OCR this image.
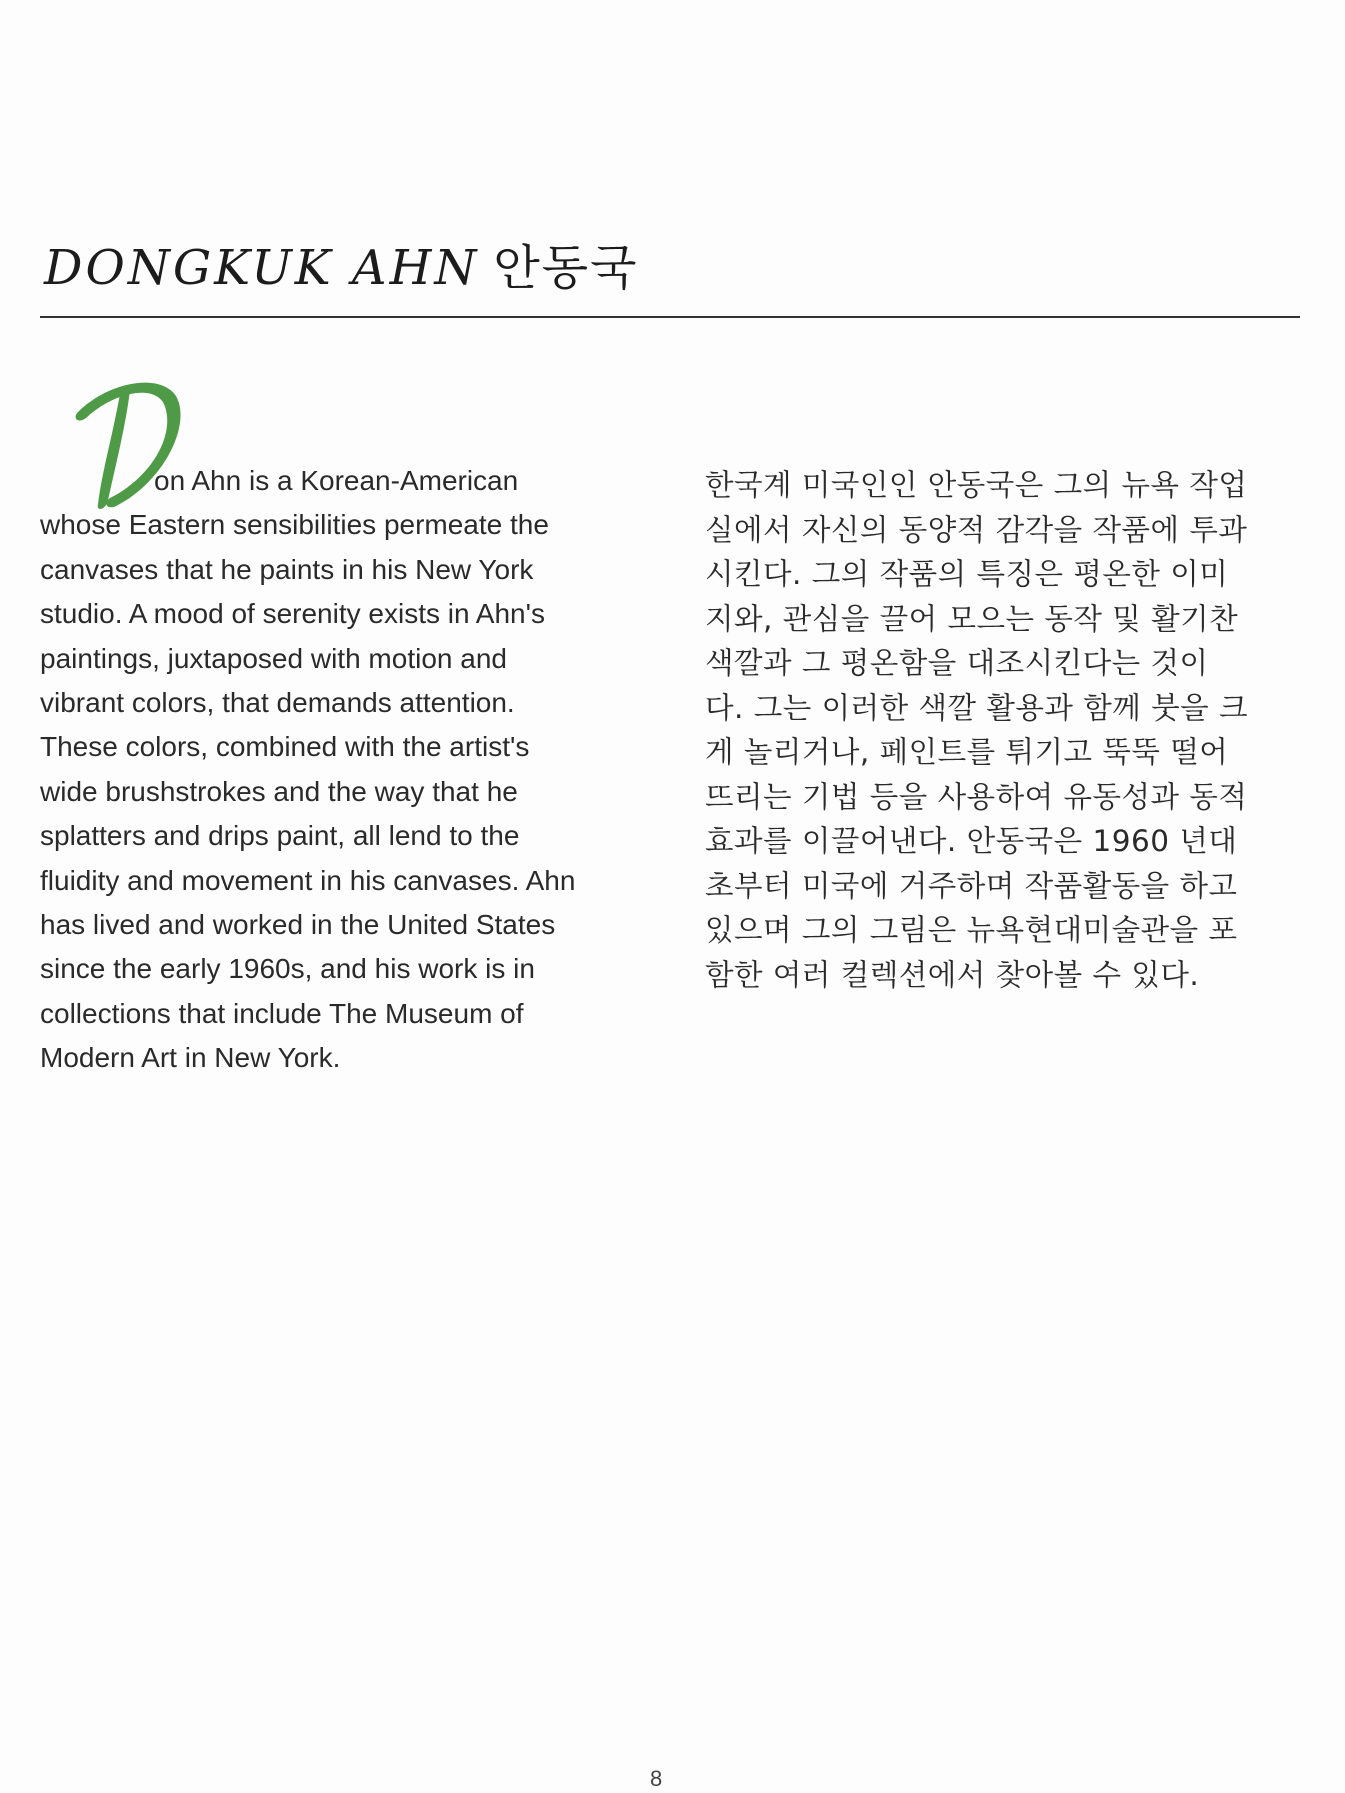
DONGKUK AHN 안동국
on Ahn is a Korean-American
whose Eastern sensibilities permeate the
canvases that he paints in his New York
studio. A mood of serenity exists in Ahn's
paintings, juxtaposed with motion and
vibrant colors, that demands attention.
These colors, combined with the artist's
wide brushstrokes and the way that he
splatters and drips paint, all lend to the
fluidity and movement in his canvases. Ahn
has lived and worked in the United States
since the early 1960s, and his work is in
collections that include The Museum of
Modern Art in New York.
한국계 미국인인 안동국은 그의 뉴욕 작업
실에서 자신의 동양적 감각을 작품에 투과
시킨다. 그의 작품의 특징은 평온한 이미
지와, 관심을 끌어 모으는 동작 및 활기찬
색깔과 그 평온함을 대조시킨다는 것이
다. 그는 이러한 색깔 활용과 함께 붓을 크
게 놀리거나, 페인트를 튀기고 뚝뚝 떨어
뜨리는 기법 등을 사용하여 유동성과 동적
효과를 이끌어낸다. 안동국은 1960 년대
초부터 미국에 거주하며 작품활동을 하고
있으며 그의 그림은 뉴욕현대미술관을 포
함한 여러 컬렉션에서 찾아볼 수 있다.
8
